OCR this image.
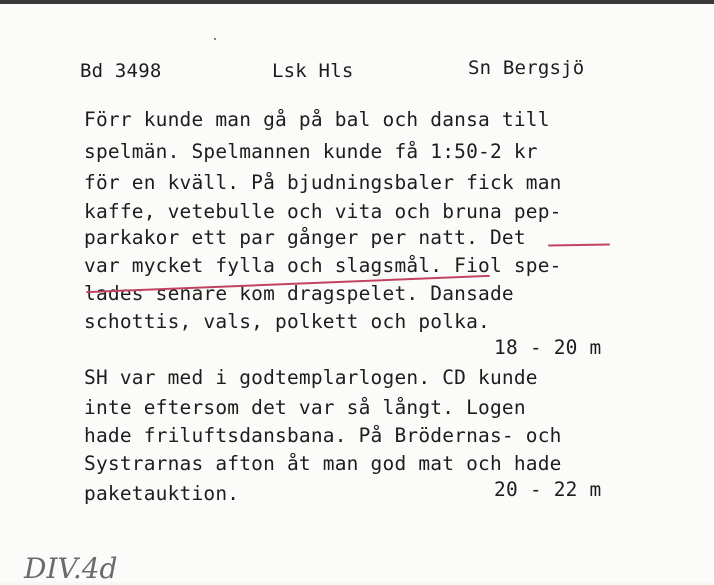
Bd 3498	Lsk Hls	Sn Bergsjö
Förr kunde man gå på bal och dansa till
spelmän. Spelmannen kunde få 1:50-2 kr
för en kväll. På bjudningsbaler fick man
kaffe, vetebulle och vita och bruna pep-
parkakor ett par gånger per natt. Det
var mycket fylla och slagsmål. Fiol spe-
lades senare kom dragspelet. Dansade
schottis, vals, polkett och polka.
18 - 20 m
SH var med i godtemplarlogen. CD kunde
inte eftersom det var så långt. Logen
hade friluftsdansbana. På Brödernas- och
Systrarnas afton åt man god mat och hade
paketauktion.	20 - 22 m
DIV.4d
